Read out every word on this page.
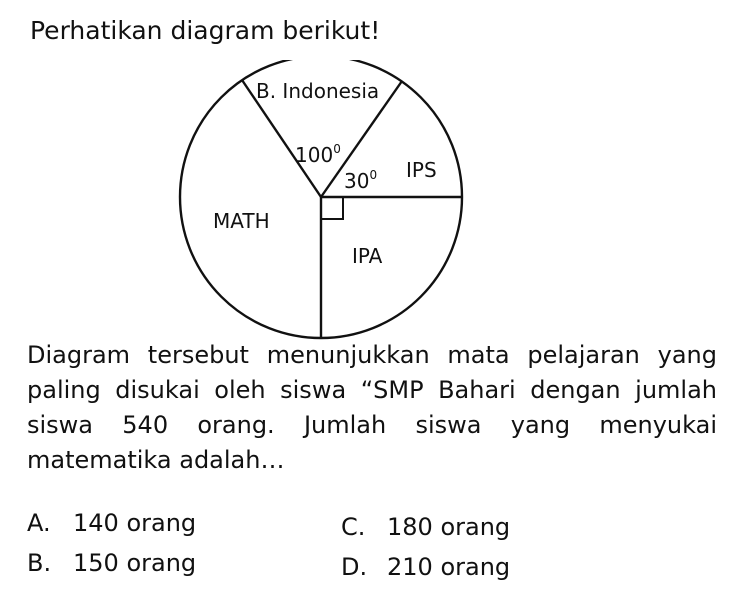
Perhatikan diagram berikut!
B. Indonesia
IPS
IPA
MATH
$100^0$
$30^0$
Diagram tersebut menunjukkan mata pelajaran yang paling disukai oleh siswa “SMP Bahari dengan jumlah siswa 540 orang. Jumlah siswa yang menyukai matematika adalah…
A. 140 orang
B. 150 orang
C. 180 orang
D. 210 orang
